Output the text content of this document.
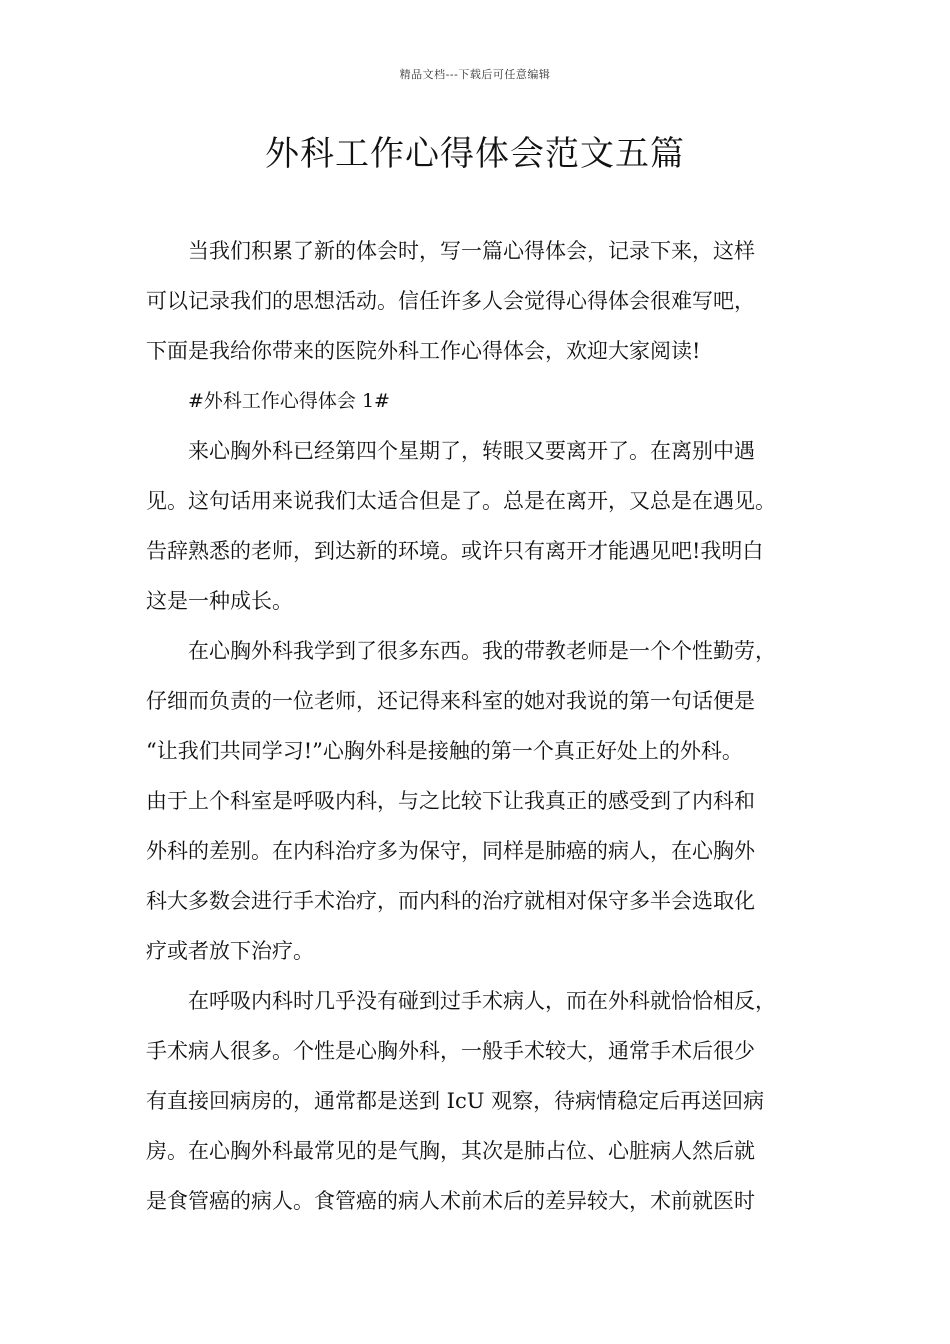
精品文档---下载后可任意编辑
外科工作心得体会范文五篇
当我们积累了新的体会时，写一篇心得体会，记录下来，这样
可以记录我们的思想活动。信任许多人会觉得心得体会很难写吧，
下面是我给你带来的医院外科工作心得体会，欢迎大家阅读!
#外科工作心得体会 1#
来心胸外科已经第四个星期了，转眼又要离开了。在离别中遇
见。这句话用来说我们太适合但是了。总是在离开，又总是在遇见。
告辞熟悉的老师，到达新的环境。或许只有离开才能遇见吧!我明白
这是一种成长。
在心胸外科我学到了很多东西。我的带教老师是一个个性勤劳，
仔细而负责的一位老师，还记得来科室的她对我说的第一句话便是
“让我们共同学习!”心胸外科是接触的第一个真正好处上的外科。
由于上个科室是呼吸内科，与之比较下让我真正的感受到了内科和
外科的差别。在内科治疗多为保守，同样是肺癌的病人，在心胸外
科大多数会进行手术治疗，而内科的治疗就相对保守多半会选取化
疗或者放下治疗。
在呼吸内科时几乎没有碰到过手术病人，而在外科就恰恰相反，
手术病人很多。个性是心胸外科，一般手术较大，通常手术后很少
有直接回病房的，通常都是送到 IcU 观察，待病情稳定后再送回病
房。在心胸外科最常见的是气胸，其次是肺占位、心脏病人然后就
是食管癌的病人。食管癌的病人术前术后的差异较大，术前就医时
